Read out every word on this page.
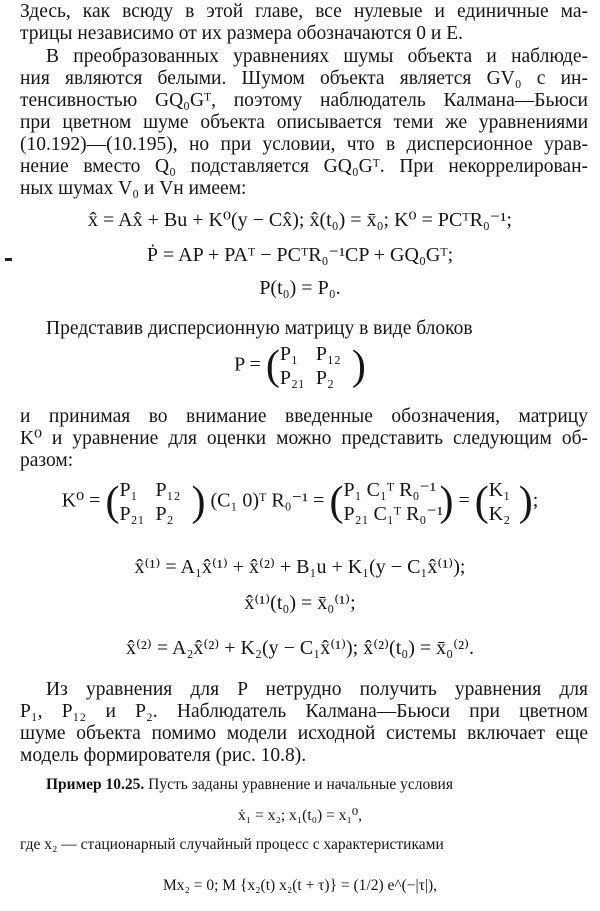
Здесь, как всюду в этой главе, все нулевые и единичные ма-
трицы независимо от их размера обозначаются 0 и E.
В преобразованных уравнениях шумы объекта и наблюде-
ния являются белыми. Шумом объекта является GV₀ с ин-
тенсивностью GQ₀Gᵀ, поэтому наблюдатель Калмана—Бьюси
при цветном шуме объекта описывается теми же уравнениями
(10.192)—(10.195), но при условии, что в дисперсионное урав-
нение вместо Q₀ подставляется GQ₀Gᵀ. При некоррелирован-
ных шумах V₀ и Vн имеем:
x̂ = Ax̂ + Bu + K⁰(y − Cx̂); x̂(t₀) = x̄₀; K⁰ = PCᵀR₀⁻¹;
Ṗ = AP + PAᵀ − PCᵀR₀⁻¹CP + GQ₀Gᵀ;
P(t₀) = P₀.
Представив дисперсионную матрицу в виде блоков
P = ( P₁ P₁₂
P₂₁ P₂ )
и принимая во внимание введенные обозначения, матрицу
K⁰ и уравнение для оценки можно представить следующим об-
разом:
K⁰ = ( P₁ P₁₂
P₂₁ P₂ ) (C₁ 0)ᵀ R₀⁻¹ = ( P₁ C₁ᵀ R₀⁻¹
P₂₁ C₁ᵀ R₀⁻¹
) = ( K₁
K₂ );
x̂⁽¹⁾ = A₁x̂⁽¹⁾ + x̂⁽²⁾ + B₁u + K₁(y − C₁x̂⁽¹⁾);
x̂⁽¹⁾(t₀) = x̄₀⁽¹⁾;
x̂⁽²⁾ = A₂x̂⁽²⁾ + K₂(y − C₁x̂⁽¹⁾); x̂⁽²⁾(t₀) = x̄₀⁽²⁾.
Из уравнения для P нетрудно получить уравнения для
P₁, P₁₂ и P₂. Наблюдатель Калмана—Бьюси при цветном
шуме объекта помимо модели исходной системы включает еще
модель формирователя (рис. 10.8).
Пример 10.25. Пусть заданы уравнение и начальные условия
ẋ₁ = x₂; x₁(t₀) = x₁⁰,
где x₂ — стационарный случайный процесс с характеристиками
Mx₂ = 0; M {x₂(t) x₂(t + τ)} = (1/2) e^(−|τ|),
